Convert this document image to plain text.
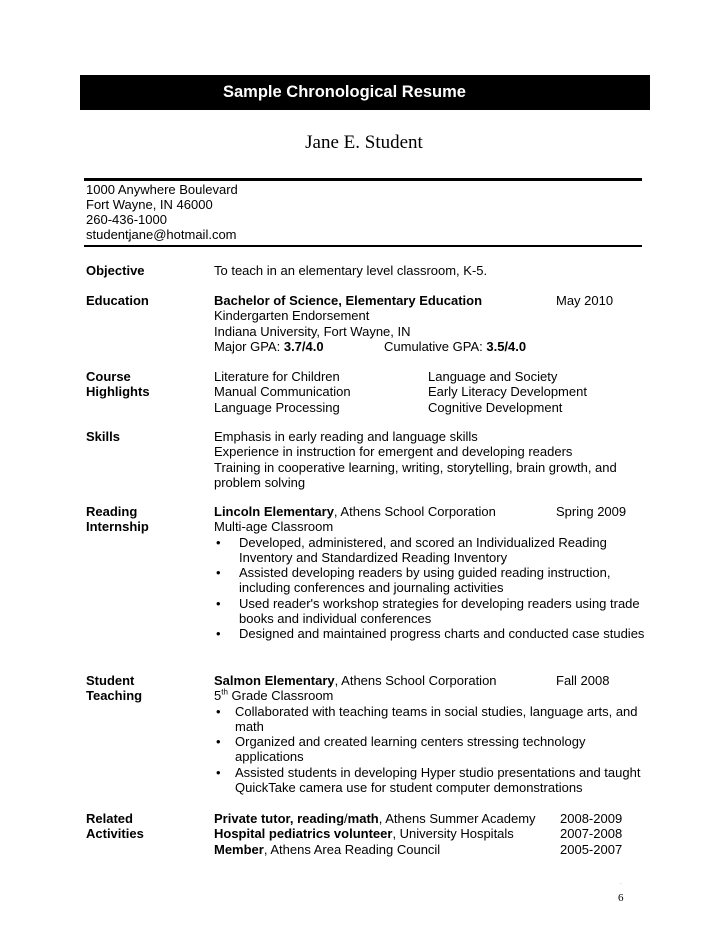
Sample Chronological Resume
Jane E. Student
1000 Anywhere Boulevard
Fort Wayne, IN 46000
260-436-1000
studentjane@hotmail.com
Objective	To teach in an elementary level classroom, K-5.
Education	Bachelor of Science, Elementary Education	May 2010
Kindergarten Endorsement
Indiana University, Fort Wayne, IN
Major GPA: 3.7/4.0	Cumulative GPA: 3.5/4.0
Course
Highlights
Literature for Children	Language and Society
Manual Communication	Early Literacy Development
Language Processing	Cognitive Development
Skills	Emphasis in early reading and language skills
Experience in instruction for emergent and developing readers
Training in cooperative learning, writing, storytelling, brain growth, and problem solving
Reading
Internship
Lincoln Elementary, Athens School Corporation	Spring 2009
Multi-age Classroom
• Developed, administered, and scored an Individualized Reading Inventory and Standardized Reading Inventory
• Assisted developing readers by using guided reading instruction, including conferences and journaling activities
• Used reader's workshop strategies for developing readers using trade books and individual conferences
• Designed and maintained progress charts and conducted case studies
Student
Teaching
Salmon Elementary, Athens School Corporation	Fall 2008
5th Grade Classroom
• Collaborated with teaching teams in social studies, language arts, and math
• Organized and created learning centers stressing technology applications
• Assisted students in developing Hyper studio presentations and taught QuickTake camera use for student computer demonstrations
Related
Activities
Private tutor, reading/math, Athens Summer Academy 2008-2009
Hospital pediatrics volunteer, University Hospitals	2007-2008
Member, Athens Area Reading Council	2005-2007
.
6
